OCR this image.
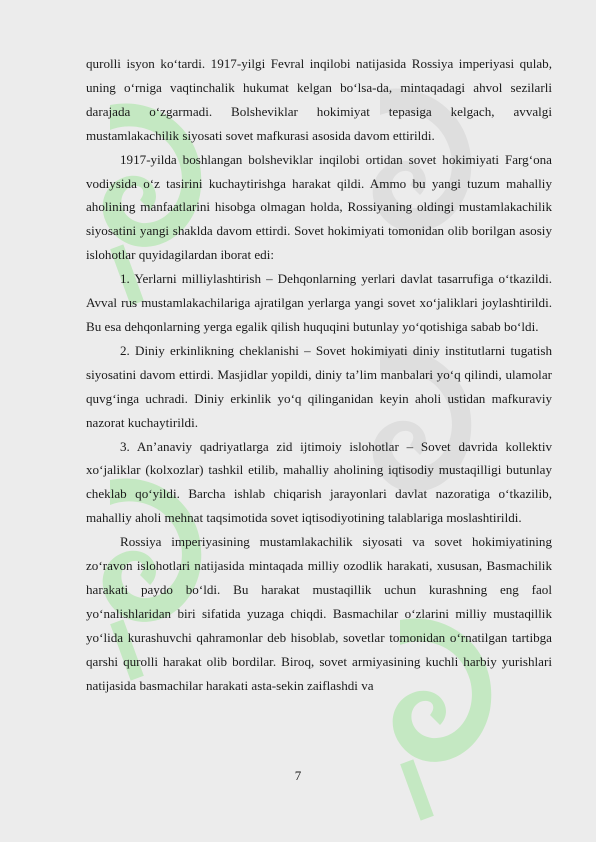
qurolli isyon ko‘tardi. 1917-yilgi Fevral inqilobi natijasida Rossiya imperiyasi qulab, uning o‘rniga vaqtinchalik hukumat kelgan bo‘lsa-da, mintaqadagi ahvol sezilarli darajada o‘zgarmadi. Bolsheviklar hokimiyat tepasiga kelgach, avvalgi mustamlakachilik siyosati sovet mafkurasi asosida davom ettirildi.

1917-yilda boshlangan bolsheviklar inqilobi ortidan sovet hokimiyati Farg‘ona vodiysida o‘z tasirini kuchaytirishga harakat qildi. Ammo bu yangi tuzum mahalliy aholining manfaatlarini hisobga olmagan holda, Rossiyaning oldingi mustamlakachilik siyosatini yangi shaklda davom ettirdi. Sovet hokimiyati tomonidan olib borilgan asosiy islohotlar quyidagilardan iborat edi:

1. Yerlarni milliylashtirish – Dehqonlarning yerlari davlat tasarrufiga o‘tkazildi. Avval rus mustamlakachilariga ajratilgan yerlarga yangi sovet xo‘jaliklari joylashtirildi. Bu esa dehqonlarning yerga egalik qilish huquqini butunlay yo‘qotishiga sabab bo‘ldi.

2. Diniy erkinlikning cheklanishi – Sovet hokimiyati diniy institutlarni tugatish siyosatini davom ettirdi. Masjidlar yopildi, diniy ta’lim manbalari yo‘q qilindi, ulamolar quvg‘inga uchradi. Diniy erkinlik yo‘q qilinganidan keyin aholi ustidan mafkuraviy nazorat kuchaytirildi.

3. An’anaviy qadriyatlarga zid ijtimoiy islohotlar – Sovet davrida kollektiv xo‘jaliklar (kolxozlar) tashkil etilib, mahalliy aholining iqtisodiy mustaqilligi butunlay cheklab qo‘yildi. Barcha ishlab chiqarish jarayonlari davlat nazoratiga o‘tkazilib, mahalliy aholi mehnat taqsimotida sovet iqtisodiyotining talablariga moslashtirildi.

Rossiya imperiyasining mustamlakachilik siyosati va sovet hokimiyatining zo‘ravon islohotlari natijasida mintaqada milliy ozodlik harakati, xususan, Basmachilik harakati paydo bo‘ldi. Bu harakat mustaqillik uchun kurashning eng faol yo‘nalishlaridan biri sifatida yuzaga chiqdi. Basmachilar o‘zlarini milliy mustaqillik yo‘lida kurashuvchi qahramonlar deb hisoblab, sovetlar tomonidan o‘rnatilgan tartibga qarshi qurolli harakat olib bordilar. Biroq, sovet armiyasining kuchli harbiy yurishlari natijasida basmachilar harakati asta-sekin zaiflashdi va

7
